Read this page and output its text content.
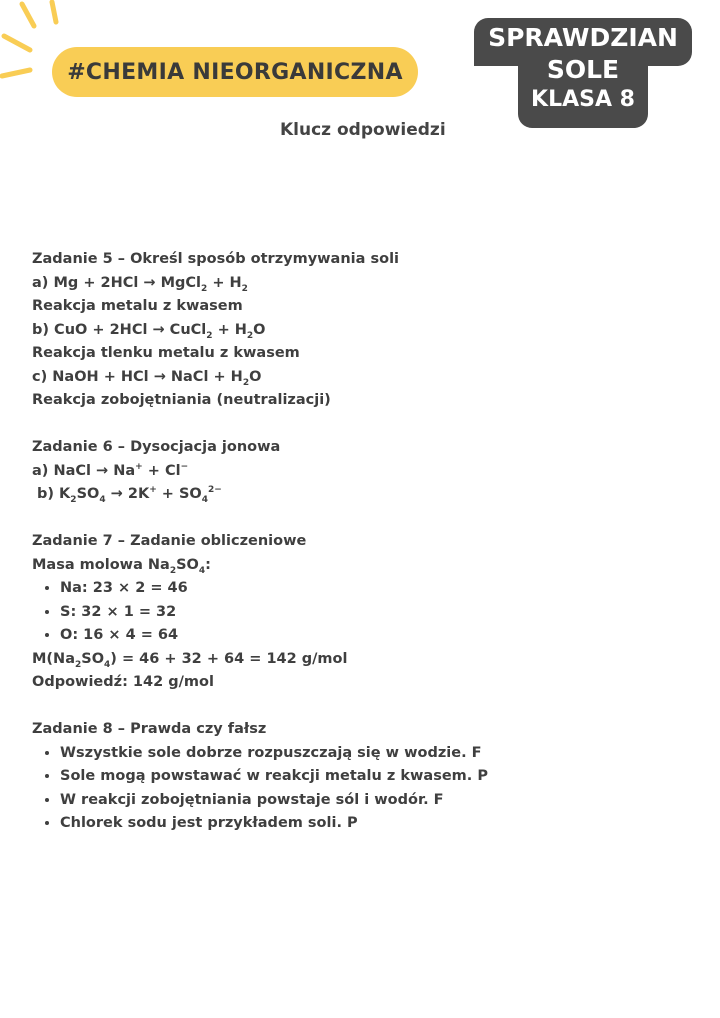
#CHEMIA NIEORGANICZNA
SPRAWDZIAN
SOLE
KLASA 8
Klucz odpowiedzi
Zadanie 5 – Określ sposób otrzymywania soli
a) Mg + 2HCl → MgCl$_2$ + $H_2$
Reakcja metalu z kwasem
b) CuO + 2HCl → CuCl$_2$ + $H_2O$
Reakcja tlenku metalu z kwasem
c) NaOH + HCl → NaCl + $H_2O$
Reakcja zobojętniania (neutralizacji)
Zadanie 6 – Dysocjacja jonowa
a) NaCl → Na+ + Cl−
b) $K_2SO_4 \to 2K^+ + SO_4^{2-}$
Zadanie 7 – Zadanie obliczeniowe
Masa molowa $Na_2SO_4$:
• Na: 23 × 2 = 46
• S: 32 × 1 = 32
• O: 16 × 4 = 64
$M(Na_2SO_4) = 46 + 32 + 64 = 142$ g/mol
Odpowiedź: 142 g/mol
Zadanie 8 – Prawda czy fałsz
• Wszystkie sole dobrze rozpuszczają się w wodzie. F
• Sole mogą powstawać w reakcji metalu z kwasem. P
• W reakcji zobojętniania powstaje sól i wodór. F
• Chlorek sodu jest przykładem soli. P
